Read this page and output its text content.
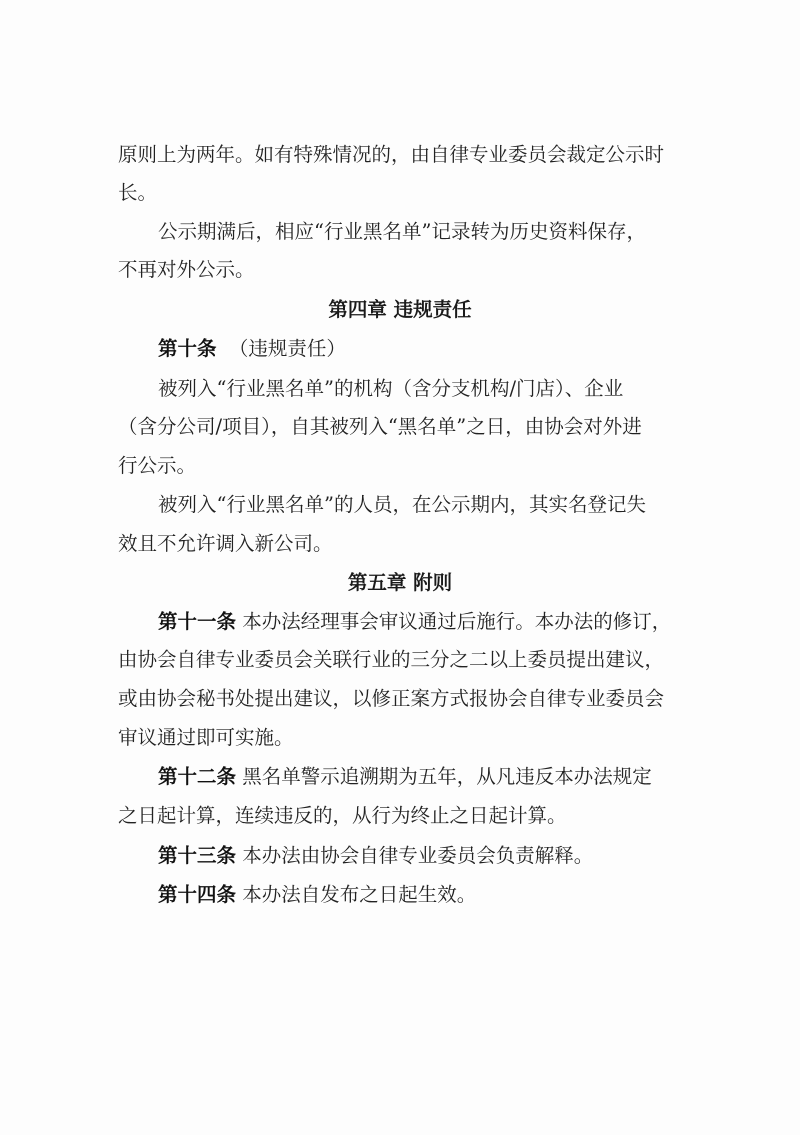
原则上为两年。如有特殊情况的，由自律专业委员会裁定公示时
长。
公示期满后，相应“行业黑名单”记录转为历史资料保存，
不再对外公示。
第四章 违规责任
第十条 （违规责任）
被列入“行业黑名单”的机构（含分支机构/门店）、企业
（含分公司/项目），自其被列入“黑名单”之日，由协会对外进
行公示。
被列入“行业黑名单”的人员，在公示期内，其实名登记失
效且不允许调入新公司。
第五章 附则
第十一条 本办法经理事会审议通过后施行。本办法的修订，
由协会自律专业委员会关联行业的三分之二以上委员提出建议，
或由协会秘书处提出建议，以修正案方式报协会自律专业委员会
审议通过即可实施。
第十二条 黑名单警示追溯期为五年，从凡违反本办法规定
之日起计算，连续违反的，从行为终止之日起计算。
第十三条 本办法由协会自律专业委员会负责解释。
第十四条 本办法自发布之日起生效。
